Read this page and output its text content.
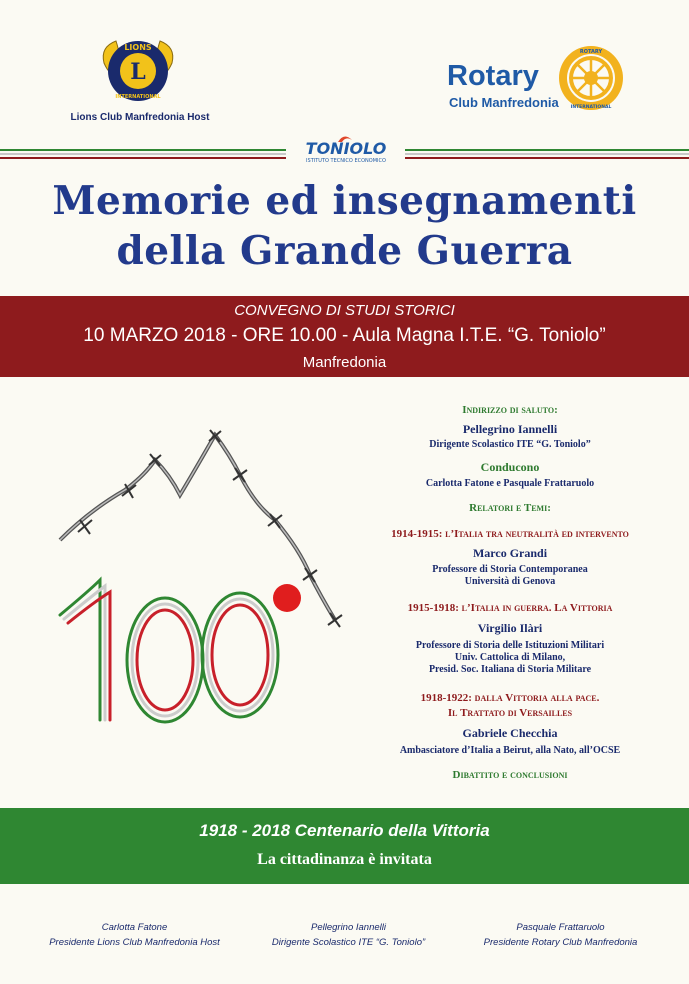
L
LIONS
INTERNATIONAL
Lions Club Manfredonia Host
Rotary
Club Manfredonia
ROTARY
INTERNATIONAL
TONIOLO
ISTITUTO TECNICO ECONOMICO
Memorie ed insegnamenti
della Grande Guerra
CONVEGNO DI STUDI STORICI
10 MARZO 2018 - ORE 10.00 - Aula Magna I.T.E. “G. Toniolo”
Manfredonia
Indirizzo di saluto:
Pellegrino Iannelli
Dirigente Scolastico ITE “G. Toniolo”
Conducono
Carlotta Fatone e Pasquale Frattaruolo
Relatori e Temi:
1914-1915: l’Italia tra neutralità ed intervento
Marco Grandi
Professore di Storia Contemporanea
Università di Genova
1915-1918: l’Italia in guerra. La Vittoria
Virgilio Ilàri
Professore di Storia delle Istituzioni Militari
Univ. Cattolica di Milano,
Presid. Soc. Italiana di Storia Militare
1918-1922: dalla Vittoria alla pace.
Il Trattato di Versailles
Gabriele Checchia
Ambasciatore d’Italia a Beirut, alla Nato, all’OCSE
Dibattito e conclusioni
1918 - 2018 Centenario della Vittoria
La cittadinanza è invitata
Carlotta Fatone
Presidente Lions Club Manfredonia Host
Pellegrino Iannelli
Dirigente Scolastico ITE “G. Toniolo”
Pasquale Frattaruolo
Presidente Rotary Club Manfredonia
